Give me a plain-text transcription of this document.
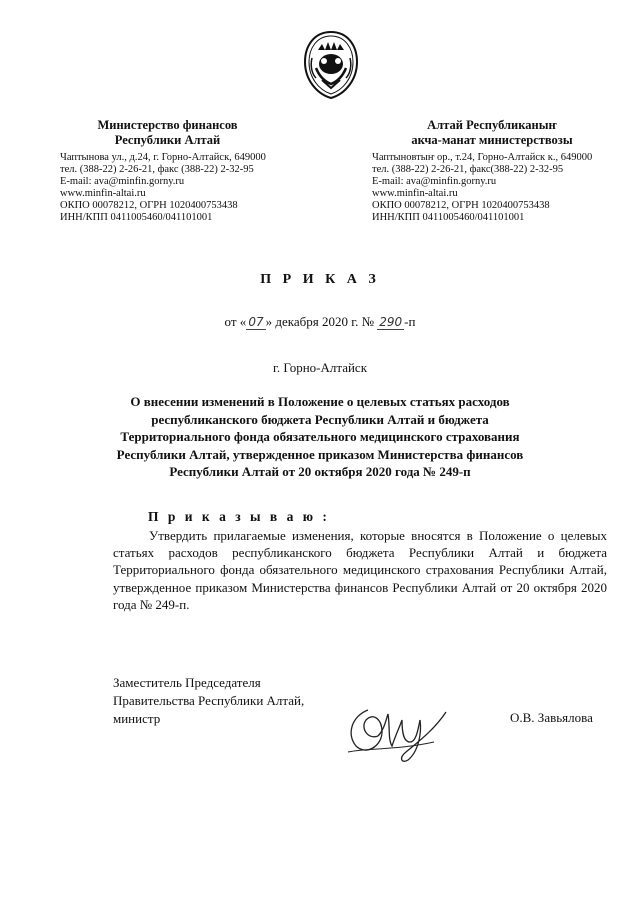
Министерство финансов
Республики Алтай
Чаптынова ул., д.24, г. Горно-Алтайск, 649000
тел. (388-22) 2-26-21, факс (388-22) 2-32-95
E-mail: ava@minfin.gorny.ru
www.minfin-altai.ru
ОКПО 00078212, ОГРН 1020400753438
ИНН/КПП 0411005460/041101001
Алтай Республиканыҥ
акча-манат министерствозы
Чаптыновтыҥ ор., т.24, Горно-Алтайск к., 649000
тел. (388-22) 2-26-21, факс(388-22) 2-32-95
E-mail: ava@minfin.gorny.ru
www.minfin-altai.ru
ОКПО 00078212, ОГРН 1020400753438
ИНН/КПП 0411005460/041101001
П Р И К А З
от « 07 » декабря 2020 г. № 290 -п
г. Горно-Алтайск
О внесении изменений в Положение о целевых статьях расходов
республиканского бюджета Республики Алтай и бюджета
Территориального фонда обязательного медицинского страхования
Республики Алтай, утвержденное приказом Министерства финансов
Республики Алтай от 20 октября 2020 года № 249-п
П р и к а з ы в а ю :
Утвердить прилагаемые изменения, которые вносятся в Положение о целевых статьях расходов республиканского бюджета Республики Алтай и бюджета Территориального фонда обязательного медицинского страхования Республики Алтай, утвержденное приказом Министерства финансов Республики Алтай от 20 октября 2020 года № 249-п.
Заместитель Председателя
Правительства Республики Алтай,
министр	О.В. Завьялова
